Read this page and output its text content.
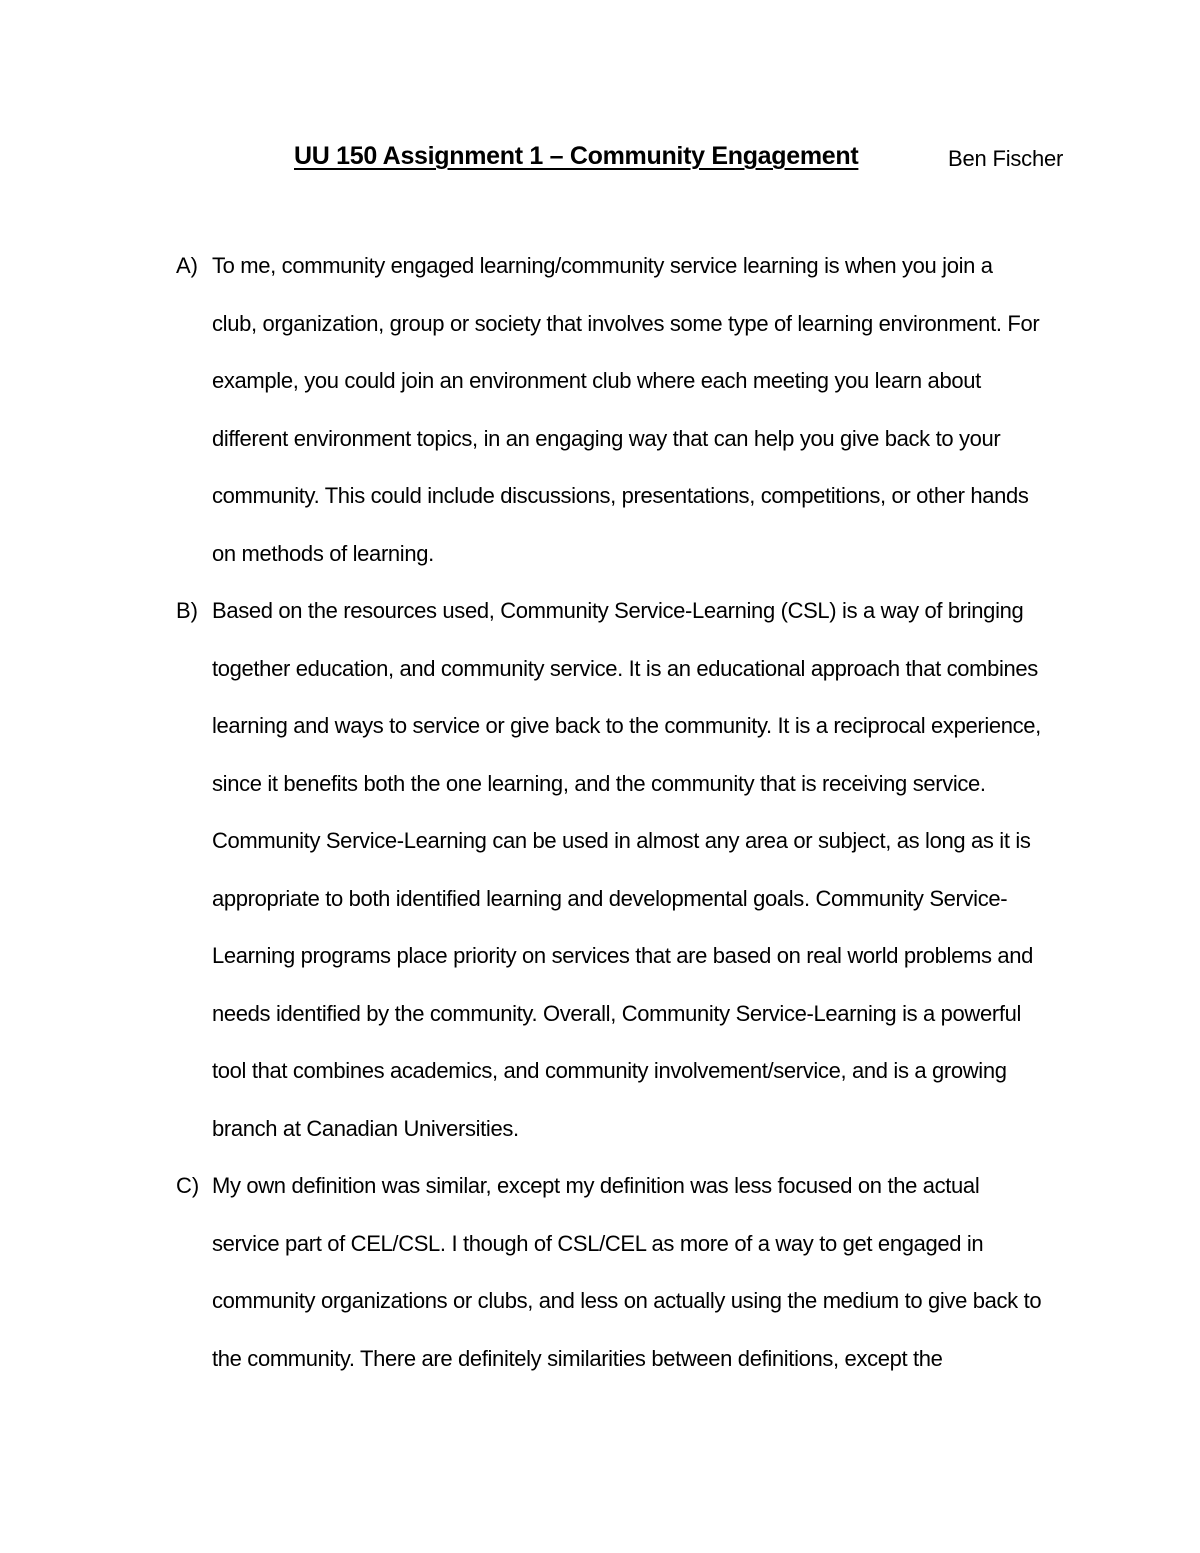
UU 150 Assignment 1 – Community Engagement	Ben Fischer
A) To me, community engaged learning/community service learning is when you join a
club, organization, group or society that involves some type of learning environment. For
example, you could join an environment club where each meeting you learn about
different environment topics, in an engaging way that can help you give back to your
community. This could include discussions, presentations, competitions, or other hands
on methods of learning.
B) Based on the resources used, Community Service-Learning (CSL) is a way of bringing
together education, and community service. It is an educational approach that combines
learning and ways to service or give back to the community. It is a reciprocal experience,
since it benefits both the one learning, and the community that is receiving service.
Community Service-Learning can be used in almost any area or subject, as long as it is
appropriate to both identified learning and developmental goals. Community Service-
Learning programs place priority on services that are based on real world problems and
needs identified by the community. Overall, Community Service-Learning is a powerful
tool that combines academics, and community involvement/service, and is a growing
branch at Canadian Universities.
C) My own definition was similar, except my definition was less focused on the actual
service part of CEL/CSL. I though of CSL/CEL as more of a way to get engaged in
community organizations or clubs, and less on actually using the medium to give back to
the community. There are definitely similarities between definitions, except the
